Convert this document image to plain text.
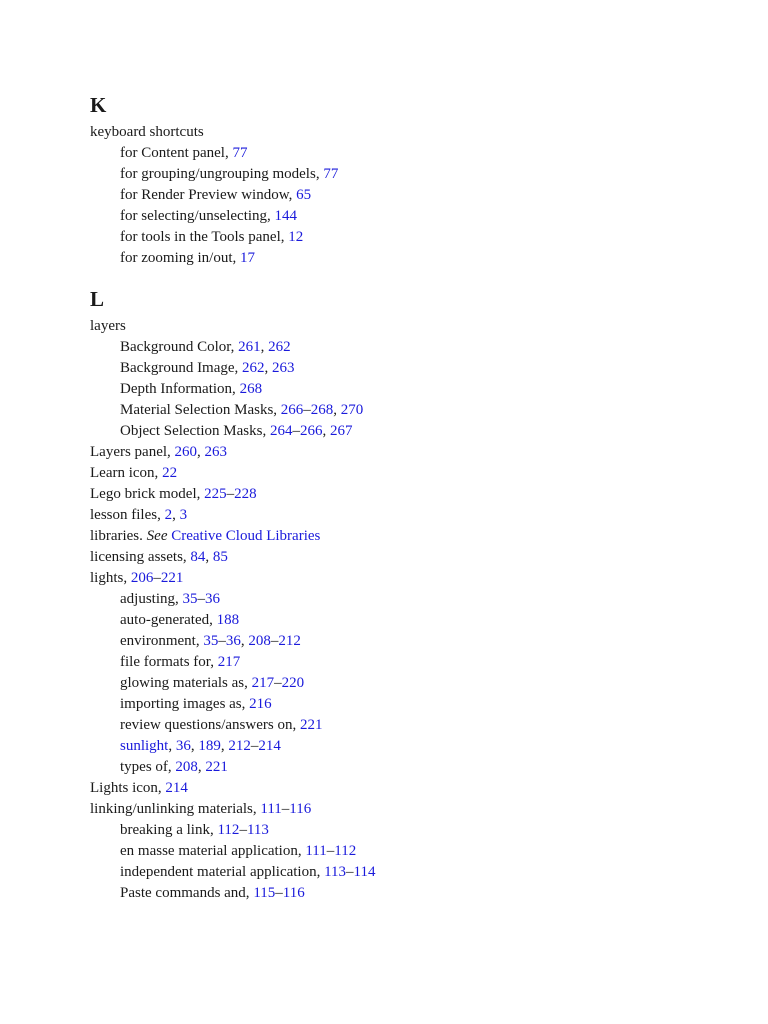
K
keyboard shortcuts
for Content panel, 77
for grouping/ungrouping models, 77
for Render Preview window, 65
for selecting/unselecting, 144
for tools in the Tools panel, 12
for zooming in/out, 17
L
layers
Background Color, 261, 262
Background Image, 262, 263
Depth Information, 268
Material Selection Masks, 266–268, 270
Object Selection Masks, 264–266, 267
Layers panel, 260, 263
Learn icon, 22
Lego brick model, 225–228
lesson files, 2, 3
libraries. See Creative Cloud Libraries
licensing assets, 84, 85
lights, 206–221
adjusting, 35–36
auto-generated, 188
environment, 35–36, 208–212
file formats for, 217
glowing materials as, 217–220
importing images as, 216
review questions/answers on, 221
sunlight, 36, 189, 212–214
types of, 208, 221
Lights icon, 214
linking/unlinking materials, 111–116
breaking a link, 112–113
en masse material application, 111–112
independent material application, 113–114
Paste commands and, 115–116
